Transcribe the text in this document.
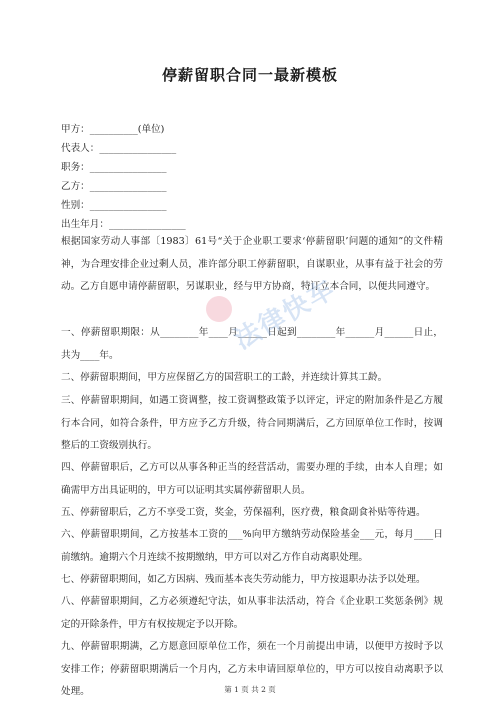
停薪留职合同一最新模板
甲方：__________(单位)
代表人：________________
职务：________________
乙方：________________
性别：________________
出生年月：________________
根据国家劳动人事部〔1983〕61号“关于企业职工要求‘停薪留职’问题的通知”的文件精神，为合理安排企业过剩人员，准许部分职工停薪留职，自谋职业，从事有益于社会的劳动。乙方自愿申请停薪留职，另谋职业，经与甲方协商，特订立本合同，以便共同遵守。
一、停薪留职期限：从________年____月______日起到________年______月______日止，共为____年。
二、停薪留职期间，甲方应保留乙方的国营职工的工龄，并连续计算其工龄。
三、停薪留职期间，如遇工资调整，按工资调整政策予以评定，评定的附加条件是乙方履行本合同，如符合条件，甲方应予乙方升级，待合同期满后，乙方回原单位工作时，按调整后的工资级别执行。
四、停薪留职后，乙方可以从事各种正当的经营活动，需要办理的手续，由本人自理；如确需甲方出具证明的，甲方可以证明其实属停薪留职人员。
五、停薪留职后，乙方不享受工资，奖金，劳保福利，医疗费，粮食副食补贴等待遇。
六、停薪留职期间，乙方按基本工资的___%向甲方缴纳劳动保险基金___元，每月____日前缴纳。逾期六个月连续不按期缴纳，甲方可以对乙方作自动离职处理。
七、停薪留职期间，如乙方因病、残而基本丧失劳动能力，甲方按退职办法予以处理。
八、停薪留职期间，乙方必须遵纪守法，如从事非法活动，符合《企业职工奖惩条例》规定的开除条件，甲方有权按规定予以开除。
九、停薪留职期满，乙方愿意回原单位工作，须在一个月前提出申请，以便甲方按时予以安排工作；停薪留职期满后一个月内，乙方未申请回原单位的，甲方可以按自动离职予以处理。
法律快车
第 1 页 共 2 页
